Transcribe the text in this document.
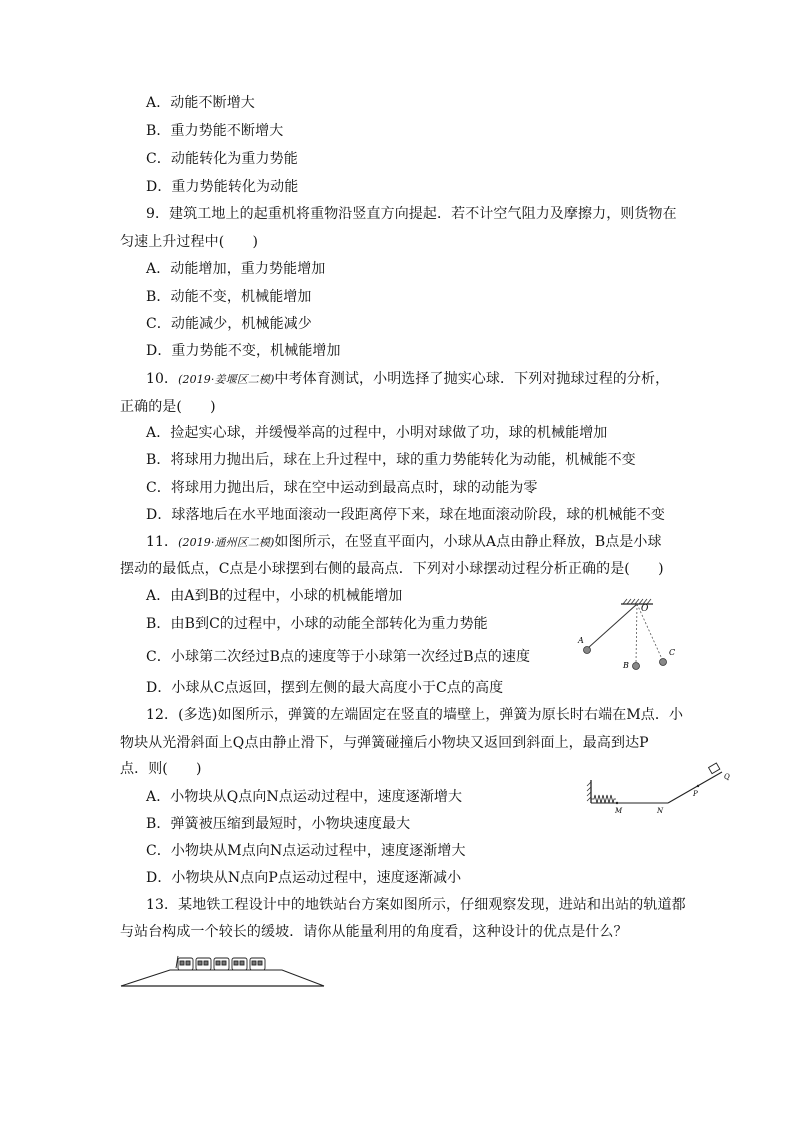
A．动能不断增大
B．重力势能不断增大
C．动能转化为重力势能
D．重力势能转化为动能
9．建筑工地上的起重机将重物沿竖直方向提起．若不计空气阻力及摩擦力，则货物在
匀速上升过程中(　　)
A．动能增加，重力势能增加
B．动能不变，机械能增加
C．动能减少，机械能减少
D．重力势能不变，机械能增加
10．(2019·姜堰区二模)中考体育测试，小明选择了抛实心球．下列对抛球过程的分析，
正确的是(　　)
A．捡起实心球，并缓慢举高的过程中，小明对球做了功，球的机械能增加
B．将球用力抛出后，球在上升过程中，球的重力势能转化为动能，机械能不变
C．将球用力抛出后，球在空中运动到最高点时，球的动能为零
D．球落地后在水平地面滚动一段距离停下来，球在地面滚动阶段，球的机械能不变
11．(2019·通州区二模)如图所示，在竖直平面内，小球从A点由静止释放，B点是小球
摆动的最低点，C点是小球摆到右侧的最高点．下列对小球摆动过程分析正确的是(　　)
A．由A到B的过程中，小球的机械能增加
B．由B到C的过程中，小球的动能全部转化为重力势能
C．小球第二次经过B点的速度等于小球第一次经过B点的速度
D．小球从C点返回，摆到左侧的最大高度小于C点的高度
O
A
B
C
12．(多选)如图所示，弹簧的左端固定在竖直的墙壁上，弹簧为原长时右端在M点．小
物块从光滑斜面上Q点由静止滑下，与弹簧碰撞后小物块又返回到斜面上，最高到达P
点．则(　　)
A．小物块从Q点向N点运动过程中，速度逐渐增大
B．弹簧被压缩到最短时，小物块速度最大
C．小物块从M点向N点运动过程中，速度逐渐增大
D．小物块从N点向P点运动过程中，速度逐渐减小
M	N
P
Q
13．某地铁工程设计中的地铁站台方案如图所示，仔细观察发现，进站和出站的轨道都
与站台构成一个较长的缓坡．请你从能量利用的角度看，这种设计的优点是什么？
